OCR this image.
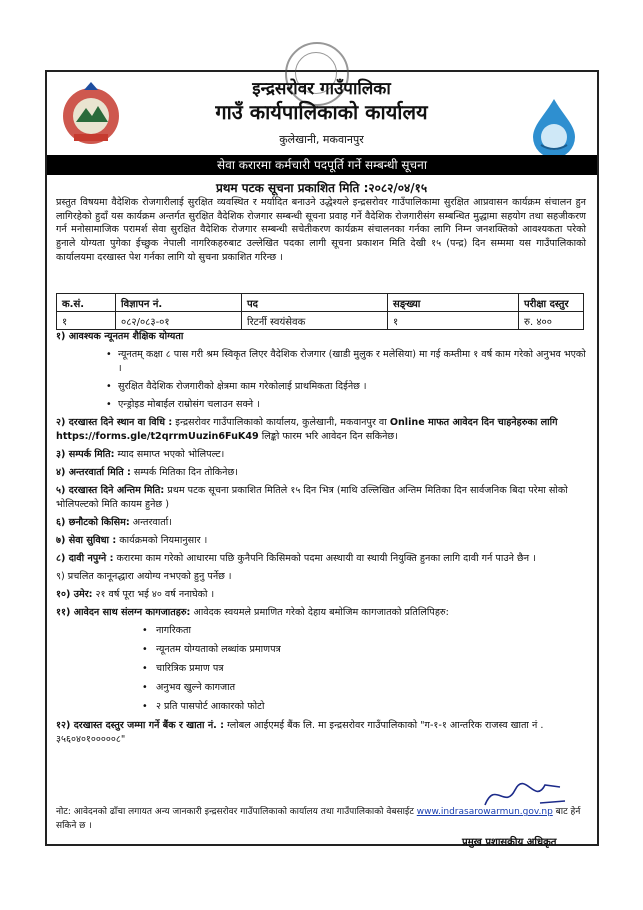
इन्द्रसरोवर गाउँपालिका
गाउँ कार्यपालिकाको कार्यालय
कुलेखानी, मकवानपुर
सेवा करारमा कर्मचारी पदपूर्ति गर्ने सम्बन्धी सूचना
प्रथम पटक सूचना प्रकाशित मिति :२०८२/०४/१५
प्रस्तुत विषयमा वैदेशिक रोजगारीलाई सुरक्षित व्यवस्थित र मर्यादित बनाउने उद्धेश्यले इन्द्रसरोवर गाउँपालिकामा सुरक्षित आप्रवासन कार्यक्रम संचालन हुन लागिरहेको हुदाँ यस कार्यक्रम अन्तर्गत सुरक्षित वैदेशिक रोजगार सम्बन्धी सूचना प्रवाह गर्ने वैदेशिक रोजगारीसंग सम्बन्धित मुद्धामा सहयोग तथा सहजीकरण गर्न मनोसामाजिक परामर्श सेवा सुरक्षित वैदेशिक रोजगार सम्बन्धी सचेतीकरण कार्यक्रम संचालनका गर्नका लागि निम्न जनशक्तिको आवश्यकता परेको हुनाले योग्यता पुगेका ईच्छुक नेपाली नागरिकहरुबाट उल्लेखित पदका लागी सूचना प्रकाशन मिति देखी १५ (पन्द्र) दिन सम्ममा यस गाउँपालिकाको कार्यालयमा दरखास्त पेश गर्नका लागि यो सुचना प्रकाशित गरिन्छ ।
क.सं.	विज्ञापन नं.	पद	सङ्ख्या	परीक्षा दस्तुर
१	०८२/०८३-०१	रिटर्नी स्वयंसेवक	१	रु. ४००
१) आवश्यक न्यूनतम शैक्षिक योग्यता
• न्यूनतम् कक्षा ८ पास गरी श्रम स्विकृत लिएर वैदेशिक रोजगार (खाडी मुलुक र मलेसिया) मा गई कम्तीमा १ वर्ष काम गरेको अनुभव भएको ।
• सुरक्षित वैदेशिक रोजगारीको क्षेत्रमा काम गरेकोलाई प्राथमिकता दिईनेछ ।
• एन्ड्रोइड मोबाईल राम्रोसंग चलाउन सक्ने ।
२) दरखास्त दिने स्थान वा विधि : इन्द्रसरोवर गाउँपालिकाको कार्यालय, कुलेखानी, मकवानपुर वा Online माफत आवेदन दिन चाहनेहरुका लागि https://forms.gle/t2qrrmUuzin6FuK49 लिङ्को फारम भरि आवेदन दिन सकिनेछ।
३) सम्पर्क मिति: म्याद समाप्त भएको भोलिपल्ट।
४) अन्तरवार्ता मिति : सम्पर्क मितिका दिन तोकिनेछ।
५) दरखास्त दिने अन्तिम मिति: प्रथम पटक सूचना प्रकाशित मितिले १५ दिन भित्र (माथि उल्लिखित अन्तिम मितिका दिन सार्वजनिक बिदा परेमा सोको भोलिपल्टको मिति कायम हुनेछ )
६) छनौटको किसिम: अन्तरवार्ता।
७) सेवा सुविधा : कार्यक्रमको नियमानुसार ।
८) दावी नपुग्ने : करारमा काम गरेको आधारमा पछि कुनैपनि किसिमको पदमा अस्थायी वा स्थायी नियुक्ति हुनका लागि दावी गर्न पाउने छैन ।
९) प्रचलित कानूनद्धारा अयोग्य नभएको हुनु पर्नेछ ।
१०) उमेर: २१ वर्ष पूरा भई ४० वर्ष ननाघेको ।
११) आवेदन साथ संलग्न कागजातहरु: आवेदक स्वयमले प्रमाणित गरेको देहाय बमोजिम कागजातको प्रतिलिपिहरु:
• नागरिकता
• न्यूनतम योग्यताको लब्धांक प्रमाणपत्र
• चारित्रिक प्रमाण पत्र
• अनुभव खुल्ने कागजात
• २ प्रति पासपोर्ट आकारको फोटो
१२) दरखास्त दस्तुर जम्मा गर्ने बैंक र खाता नं. : ग्लोबल आईएमई बैंक लि. मा इन्द्रसरोवर गाउँपालिकाको "ग-१-१ आन्तरिक राजस्व खाता नं . ३५६०४०१०००००८"
नोट: आवेदनको ढाँचा लगायत अन्य जानकारी इन्द्रसरोवर गाउँपालिकाको कार्यालय तथा गाउँपालिकाको वेबसाईट www.indrasarowarmun.gov.np बाट हेर्न सकिने छ ।
प्रमुख प्रशासकीय अधिकृत
